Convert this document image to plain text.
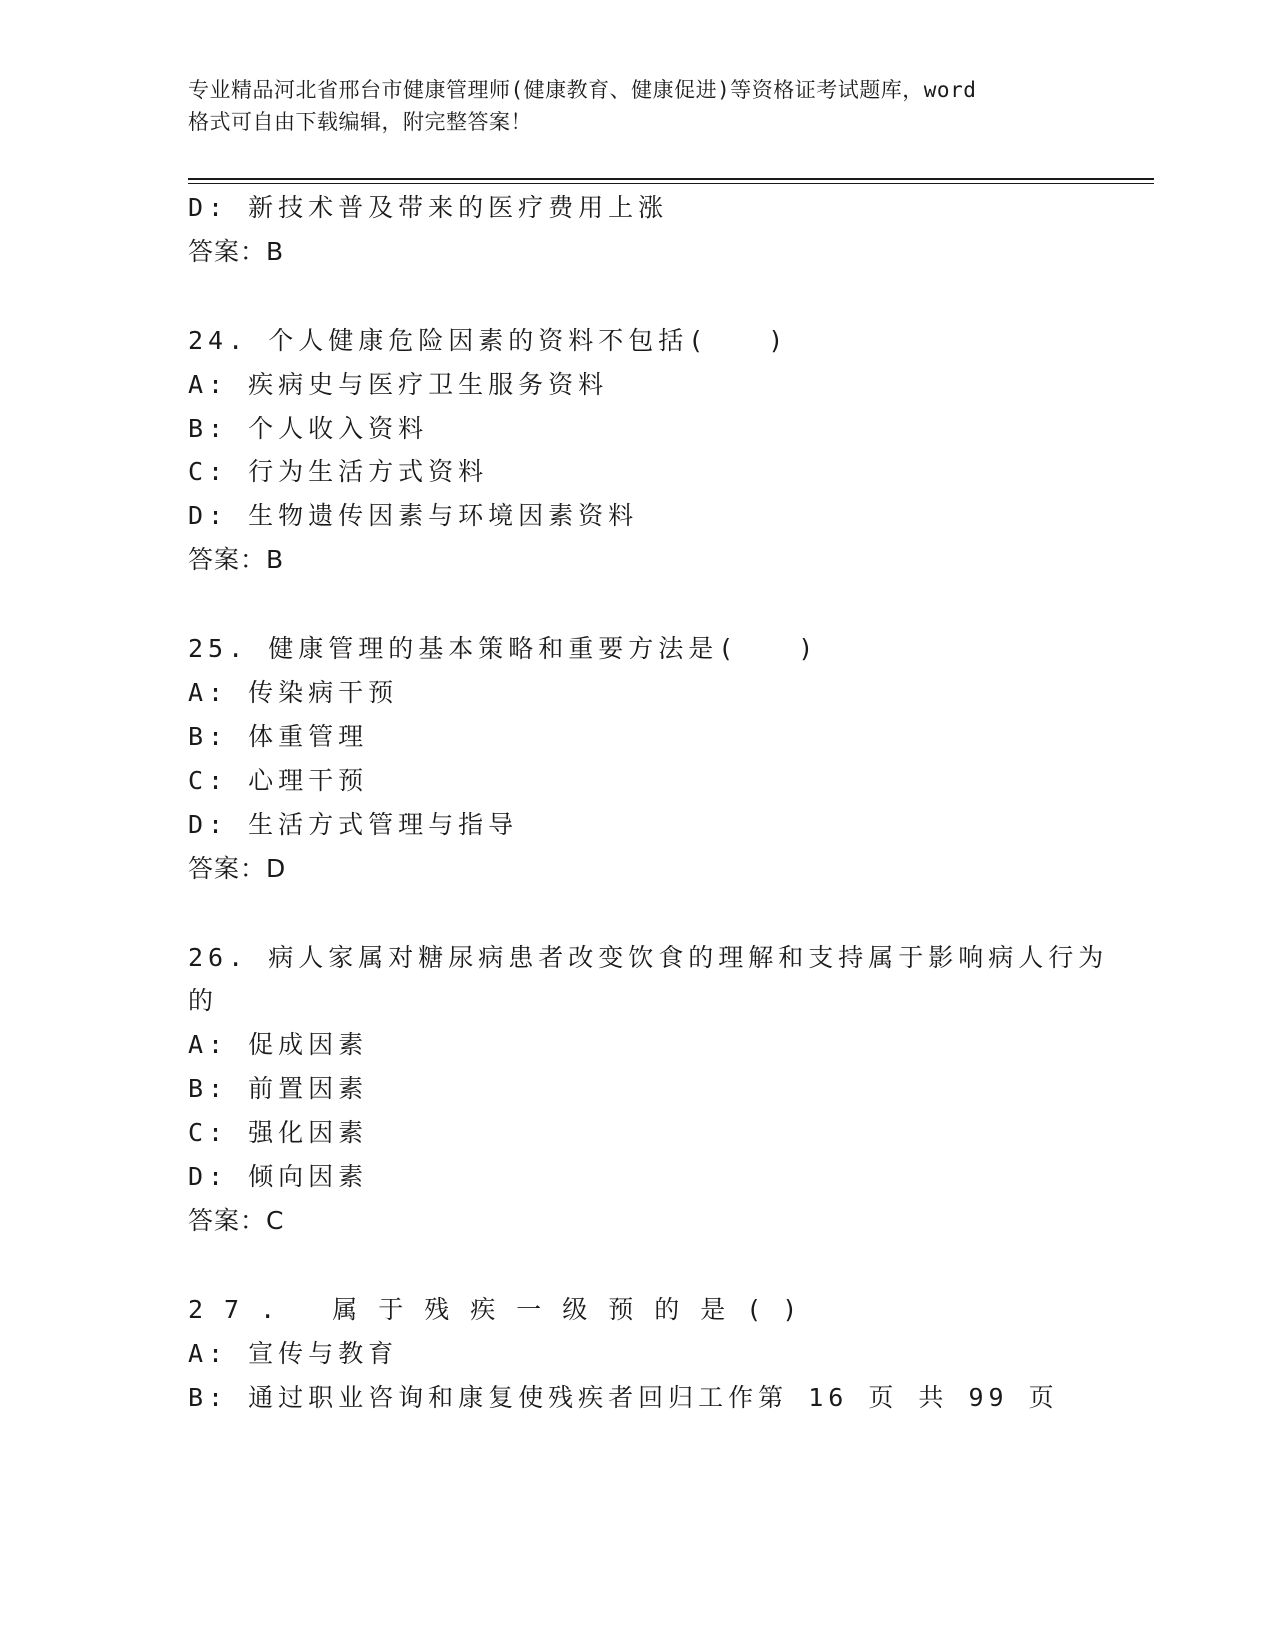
专业精品河北省邢台市健康管理师(健康教育、健康促进)等资格证考试题库，word
格式可自由下载编辑，附完整答案！
D: 新技术普及带来的医疗费用上涨
答案：B
24. 个人健康危险因素的资料不包括(　　)
A: 疾病史与医疗卫生服务资料
B: 个人收入资料
C: 行为生活方式资料
D: 生物遗传因素与环境因素资料
答案：B
25. 健康管理的基本策略和重要方法是(　　)
A: 传染病干预
B: 体重管理
C: 心理干预
D: 生活方式管理与指导
答案：D
26. 病人家属对糖尿病患者改变饮食的理解和支持属于影响病人行为
的
A: 促成因素
B: 前置因素
C: 强化因素
D: 倾向因素
答案：C
27. 属于残疾一级预的是()
A: 宣传与教育
B: 通过职业咨询和康复使残疾者回归工作第 16 页 共 99 页
